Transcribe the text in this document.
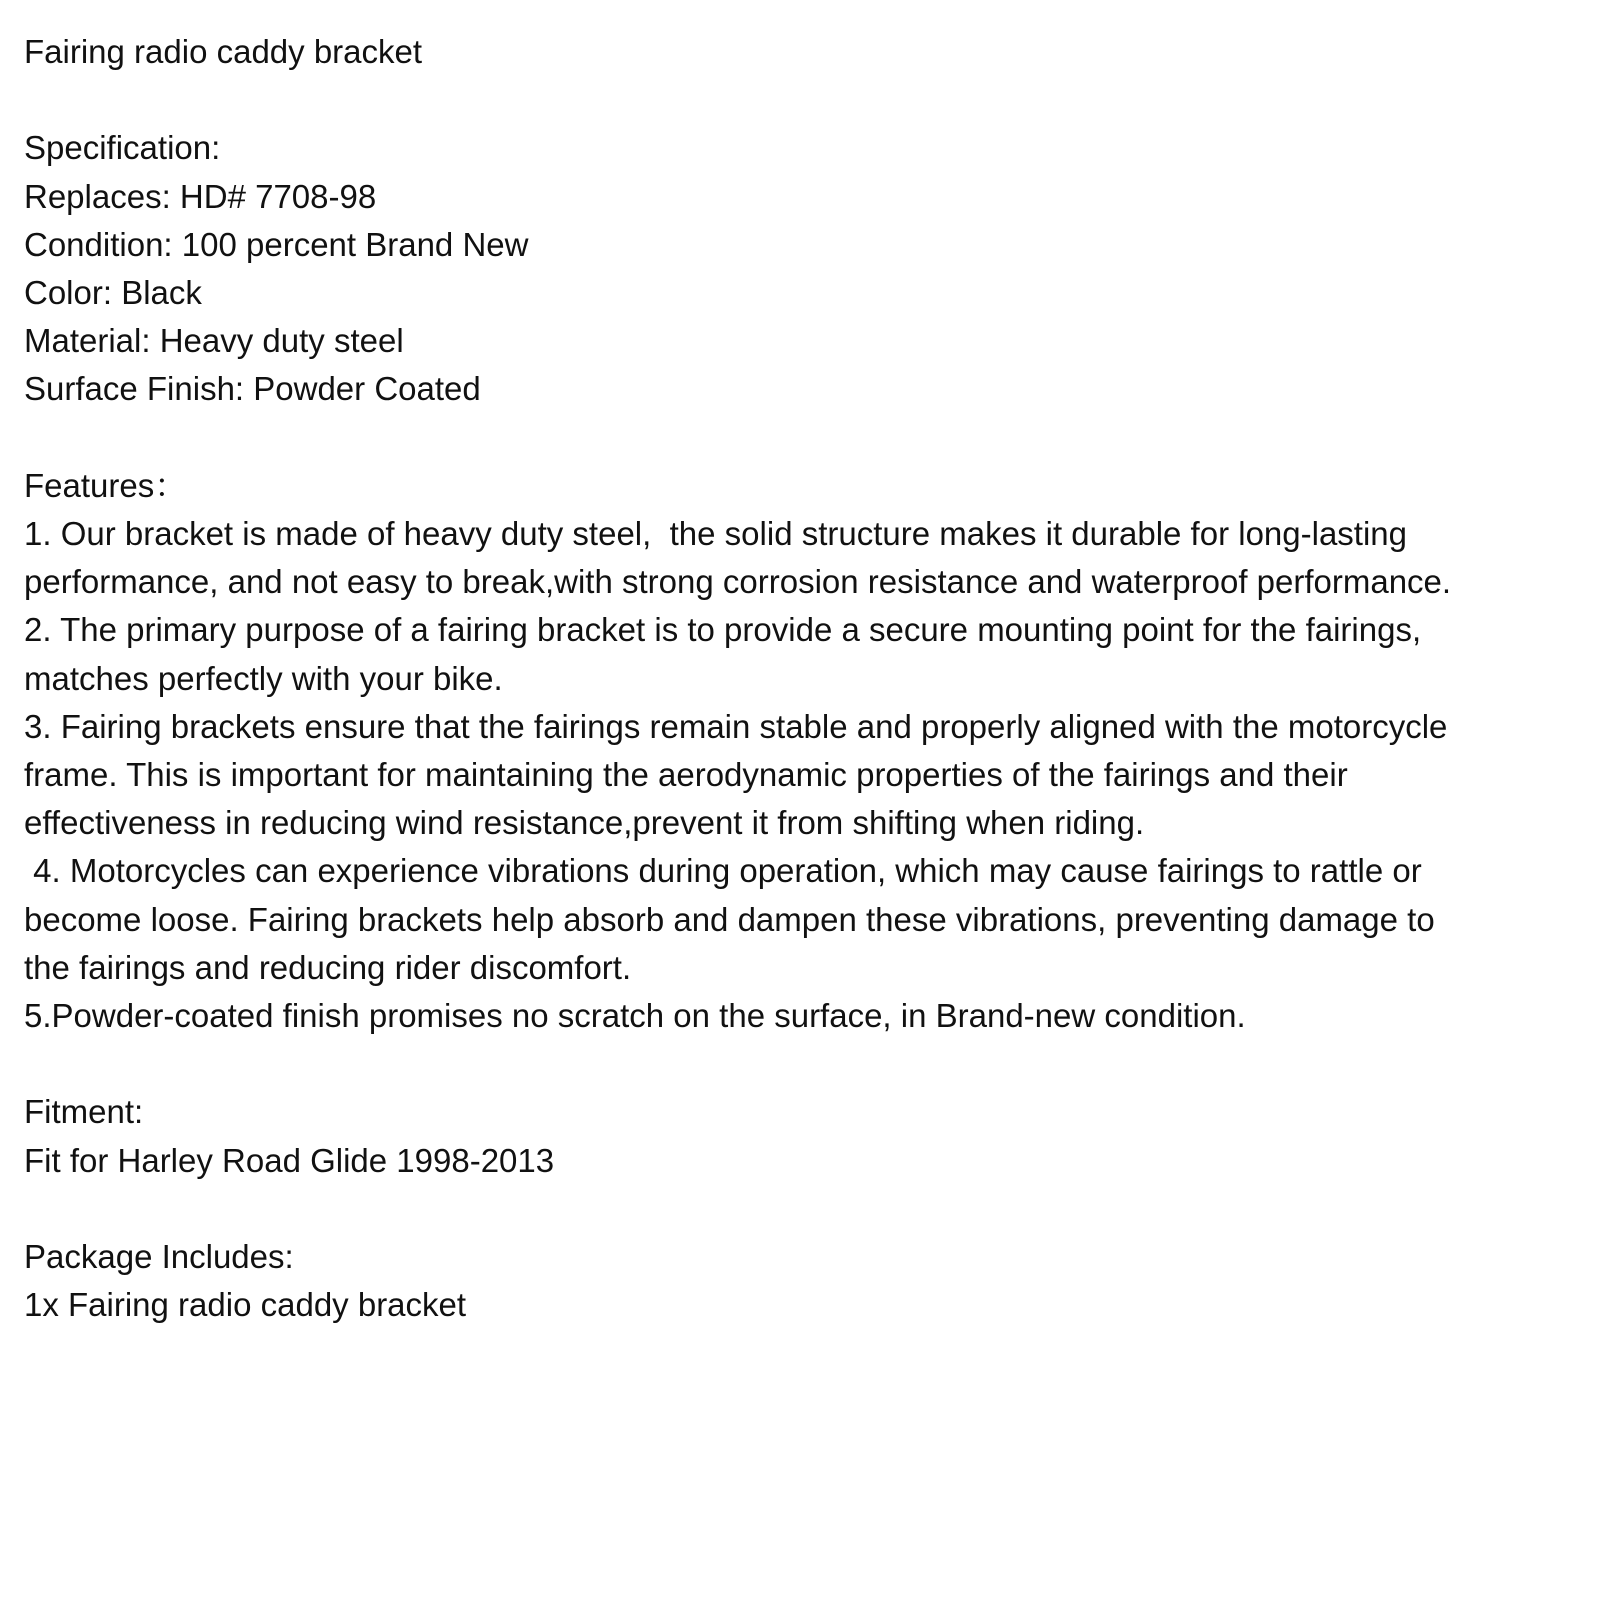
Fairing radio caddy bracket
Specification:
Replaces: HD# 7708-98
Condition: 100 percent Brand New
Color: Black
Material: Heavy duty steel
Surface Finish: Powder Coated
Features：
1. Our bracket is made of heavy duty steel,  the solid structure makes it durable for long-lasting
performance, and not easy to break,with strong corrosion resistance and waterproof performance.
2. The primary purpose of a fairing bracket is to provide a secure mounting point for the fairings,
matches perfectly with your bike.
3. Fairing brackets ensure that the fairings remain stable and properly aligned with the motorcycle
frame. This is important for maintaining the aerodynamic properties of the fairings and their
effectiveness in reducing wind resistance,prevent it from shifting when riding.
4. Motorcycles can experience vibrations during operation, which may cause fairings to rattle or
become loose. Fairing brackets help absorb and dampen these vibrations, preventing damage to
the fairings and reducing rider discomfort.
5.Powder-coated finish promises no scratch on the surface, in Brand-new condition.
Fitment:
Fit for Harley Road Glide 1998-2013
Package Includes:
1x Fairing radio caddy bracket
